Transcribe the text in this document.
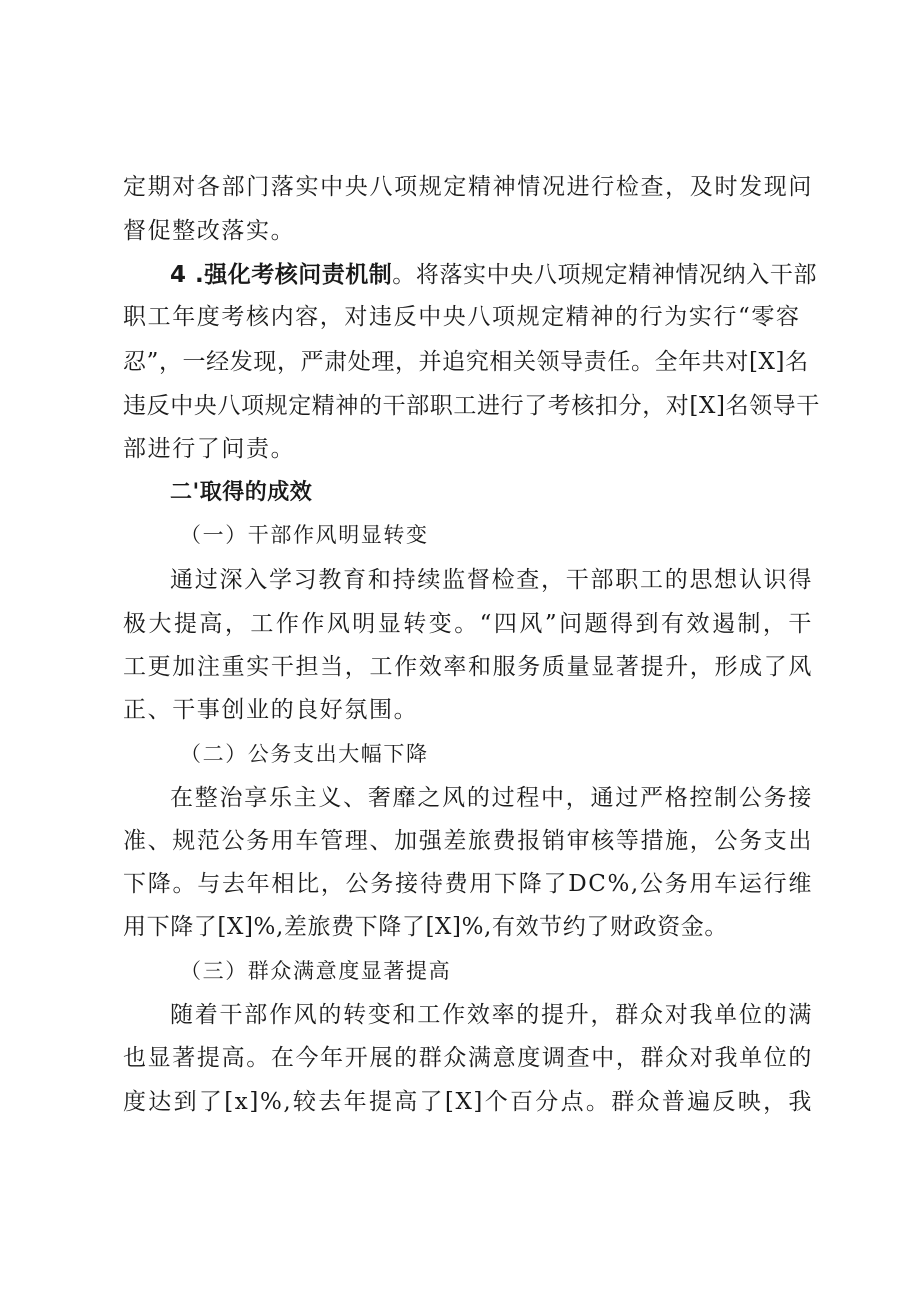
定期对各部门落实中央八项规定精神情况进行检查，及时发现问
督促整改落实。
4 .强化考核问责机制。将落实中央八项规定精神情况纳入干部
职工年度考核内容，对违反中央八项规定精神的行为实行“零容
忍”，一经发现，严肃处理，并追究相关领导责任。全年共对[X]名
违反中央八项规定精神的干部职工进行了考核扣分，对[X]名领导干
部进行了问责。
二'取得的成效
（一）干部作风明显转变
通过深入学习教育和持续监督检查，干部职工的思想认识得
极大提高，工作作风明显转变。“四风”问题得到有效遏制，干
工更加注重实干担当，工作效率和服务质量显著提升，形成了风
正、干事创业的良好氛围。
（二）公务支出大幅下降
在整治享乐主义、奢靡之风的过程中，通过严格控制公务接
准、规范公务用车管理、加强差旅费报销审核等措施，公务支出
下降。与去年相比，公务接待费用下降了DC%,公务用车运行维
用下降了[X]%,差旅费下降了[X]%,有效节约了财政资金。
（三）群众满意度显著提高
随着干部作风的转变和工作效率的提升，群众对我单位的满
也显著提高。在今年开展的群众满意度调查中，群众对我单位的
度达到了[x]%,较去年提高了[X]个百分点。群众普遍反映，我
